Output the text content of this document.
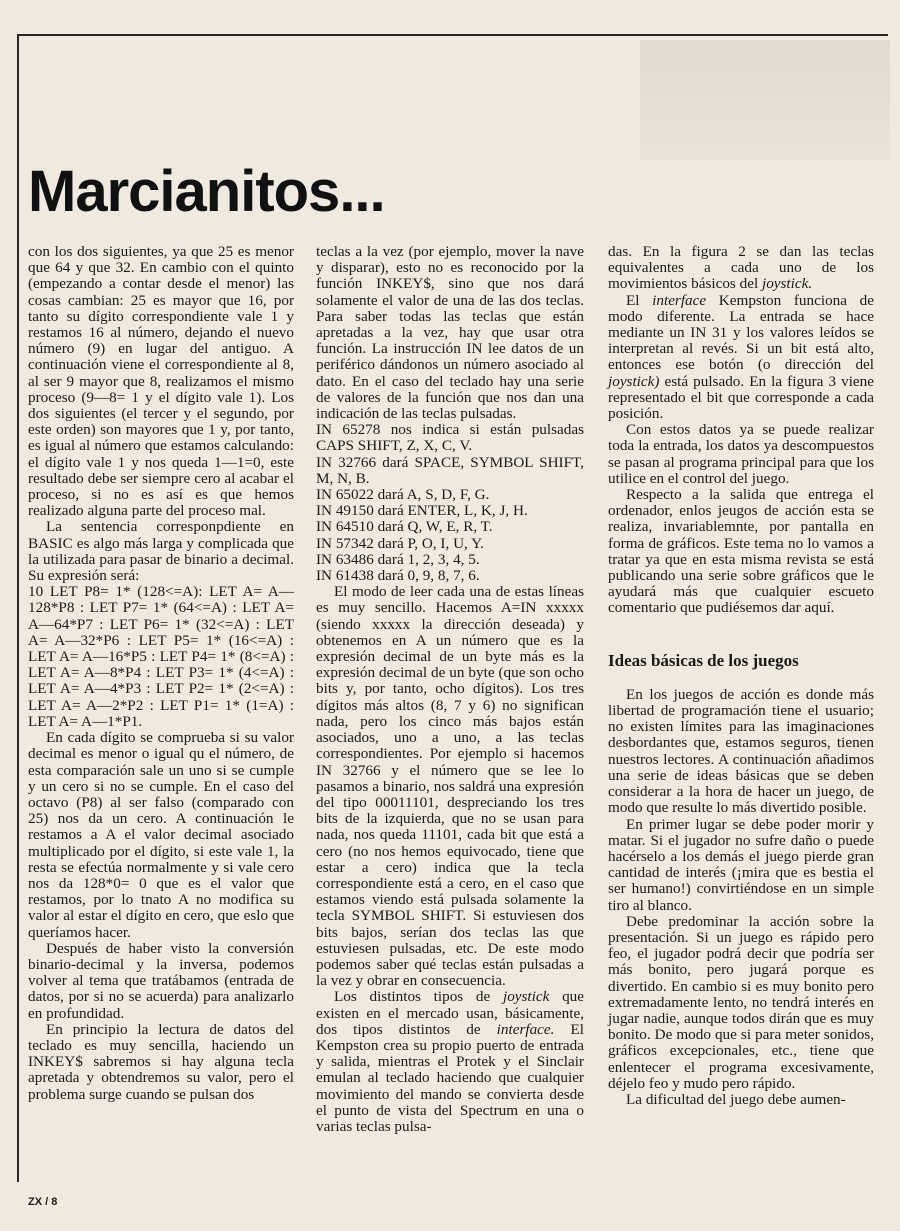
Marcianitos...

con los dos siguientes, ya que 25 es menor que 64 y que 32. En cambio con el quinto (empezando a contar desde el menor) las cosas cambian: 25 es mayor que 16, por tanto su dígito correspondiente vale 1 y restamos 16 al número, dejando el nuevo número (9) en lugar del antiguo. A continuación viene el correspondiente al 8, al ser 9 mayor que 8, realizamos el mismo proceso (9—8= 1 y el dígito vale 1). Los dos siguientes (el tercer y el segundo, por este orden) son mayores que 1 y, por tanto, es igual al número que estamos calculando: el dígito vale 1 y nos queda 1—1=0, este resultado debe ser siempre cero al acabar el proceso, si no es así es que hemos realizado alguna parte del proceso mal.

La sentencia corresponpdiente en BASIC es algo más larga y complicada que la utilizada para pasar de binario a decimal. Su expresión será:

10 LET P8= 1* (128<=A): LET A= A—128*P8 : LET P7= 1* (64<=A) : LET A= A—64*P7 : LET P6= 1* (32<=A) : LET A= A—32*P6 : LET P5= 1* (16<=A) : LET A= A—16*P5 : LET P4= 1* (8<=A) : LET A= A—8*P4 : LET P3= 1* (4<=A) : LET A= A—4*P3 : LET P2= 1* (2<=A) : LET A= A—2*P2 : LET P1= 1* (1=A) : LET A= A—1*P1.

En cada dígito se comprueba si su valor decimal es menor o igual qu el número, de esta comparación sale un uno si se cumple y un cero si no se cumple. En el caso del octavo (P8) al ser falso (comparado con 25) nos da un cero. A continuación le restamos a A el valor decimal asociado multiplicado por el dígito, si este vale 1, la resta se efectúa normalmente y si vale cero nos da 128*0= 0 que es el valor que restamos, por lo tnato A no modifica su valor al estar el dígito en cero, que eslo que queríamos hacer.

Después de haber visto la conversión binario-decimal y la inversa, podemos volver al tema que tratábamos (entrada de datos, por si no se acuerda) para analizarlo en profundidad.

En principio la lectura de datos del teclado es muy sencilla, haciendo un INKEY$ sabremos si hay alguna tecla apretada y obtendremos su valor, pero el problema surge cuando se pulsan dos

teclas a la vez (por ejemplo, mover la nave y disparar), esto no es reconocido por la función INKEY$, sino que nos dará solamente el valor de una de las dos teclas. Para saber todas las teclas que están apretadas a la vez, hay que usar otra función. La instrucción IN lee datos de un periférico dándonos un número asociado al dato. En el caso del teclado hay una serie de valores de la función que nos dan una indicación de las teclas pulsadas.

IN 65278 nos indica si están pulsadas CAPS SHIFT, Z, X, C, V.

IN 32766 dará SPACE, SYMBOL SHIFT, M, N, B.

IN 65022 dará A, S, D, F, G.

IN 49150 dará ENTER, L, K, J, H.

IN 64510 dará Q, W, E, R, T.

IN 57342 dará P, O, I, U, Y.

IN 63486 dará 1, 2, 3, 4, 5.

IN 61438 dará 0, 9, 8, 7, 6.

El modo de leer cada una de estas líneas es muy sencillo. Hacemos A=IN xxxxx (siendo xxxxx la dirección deseada) y obtenemos en A un número que es la expresión decimal de un byte más es la expresión decimal de un byte (que son ocho bits y, por tanto, ocho dígitos). Los tres dígitos más altos (8, 7 y 6) no significan nada, pero los cinco más bajos están asociados, uno a uno, a las teclas correspondientes. Por ejemplo si hacemos IN 32766 y el número que se lee lo pasamos a binario, nos saldrá una expresión del tipo 00011101, despreciando los tres bits de la izquierda, que no se usan para nada, nos queda 11101, cada bit que está a cero (no nos hemos equivocado, tiene que estar a cero) indica que la tecla correspondiente está a cero, en el caso que estamos viendo está pulsada solamente la tecla SYMBOL SHIFT. Si estuviesen dos bits bajos, serían dos teclas las que estuviesen pulsadas, etc. De este modo podemos saber qué teclas están pulsadas a la vez y obrar en consecuencia.

Los distintos tipos de joystick que existen en el mercado usan, básicamente, dos tipos distintos de interface. El Kempston crea su propio puerto de entrada y salida, mientras el Protek y el Sinclair emulan al teclado haciendo que cualquier movimiento del mando se convierta desde el punto de vista del Spectrum en una o varias teclas pulsa-

das. En la figura 2 se dan las teclas equivalentes a cada uno de los movimientos básicos del joystick.

El interface Kempston funciona de modo diferente. La entrada se hace mediante un IN 31 y los valores leídos se interpretan al revés. Si un bit está alto, entonces ese botón (o dirección del joystick) está pulsado. En la figura 3 viene representado el bit que corresponde a cada posición.

Con estos datos ya se puede realizar toda la entrada, los datos ya descompuestos se pasan al programa principal para que los utilice en el control del juego.

Respecto a la salida que entrega el ordenador, enlos jeugos de acción esta se realiza, invariablemnte, por pantalla en forma de gráficos. Este tema no lo vamos a tratar ya que en esta misma revista se está publicando una serie sobre gráficos que le ayudará más que cualquier escueto comentario que pudiésemos dar aquí.

Ideas básicas de los juegos

En los juegos de acción es donde más libertad de programación tiene el usuario; no existen límites para las imaginaciones desbordantes que, estamos seguros, tienen nuestros lectores. A continuación añadimos una serie de ideas básicas que se deben considerar a la hora de hacer un juego, de modo que resulte lo más divertido posible.

En primer lugar se debe poder morir y matar. Si el jugador no sufre daño o puede hacérselo a los demás el juego pierde gran cantidad de interés (¡mira que es bestia el ser humano!) convirtiéndose en un simple tiro al blanco.

Debe predominar la acción sobre la presentación. Si un juego es rápido pero feo, el jugador podrá decir que podría ser más bonito, pero jugará porque es divertido. En cambio si es muy bonito pero extremadamente lento, no tendrá interés en jugar nadie, aunque todos dirán que es muy bonito. De modo que si para meter sonidos, gráficos excepcionales, etc., tiene que enlentecer el programa excesivamente, déjelo feo y mudo pero rápido.

La dificultad del juego debe aumen-

ZX / 8
